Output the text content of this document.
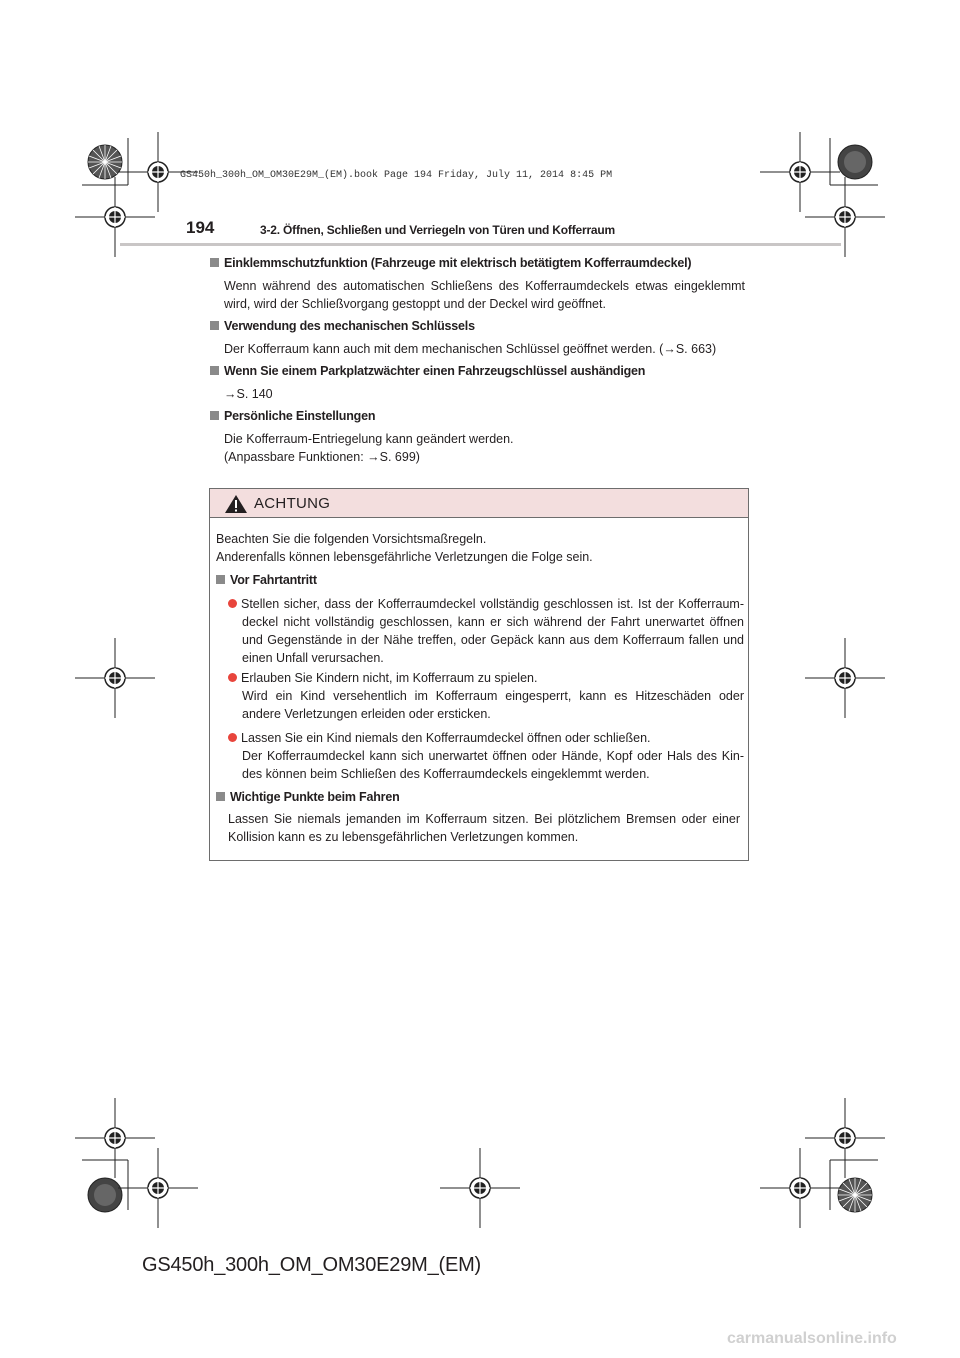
GS450h_300h_OM_OM30E29M_(EM).book Page 194 Friday, July 11, 2014 8:45 PM
194	3-2. Öffnen, Schließen und Verriegeln von Türen und Kofferraum
Einklemmschutzfunktion (Fahrzeuge mit elektrisch betätigtem Kofferraumdeckel)
Wenn während des automatischen Schließens des Kofferraumdeckels etwas eingeklemmt
wird, wird der Schließvorgang gestoppt und der Deckel wird geöffnet.
Verwendung des mechanischen Schlüssels
Der Kofferraum kann auch mit dem mechanischen Schlüssel geöffnet werden. (→S. 663)
Wenn Sie einem Parkplatzwächter einen Fahrzeugschlüssel aushändigen
→S. 140
Persönliche Einstellungen
Die Kofferraum-Entriegelung kann geändert werden.
(Anpassbare Funktionen: →S. 699)
ACHTUNG
Beachten Sie die folgenden Vorsichtsmaßregeln.
Anderenfalls können lebensgefährliche Verletzungen die Folge sein.
Vor Fahrtantritt
Stellen sicher, dass der Kofferraumdeckel vollständig geschlossen ist. Ist der Kofferraum-
deckel nicht vollständig geschlossen, kann er sich während der Fahrt unerwartet öffnen
und Gegenstände in der Nähe treffen, oder Gepäck kann aus dem Kofferraum fallen und
einen Unfall verursachen.
Erlauben Sie Kindern nicht, im Kofferraum zu spielen.
Wird ein Kind versehentlich im Kofferraum eingesperrt, kann es Hitzeschäden oder
andere Verletzungen erleiden oder ersticken.
Lassen Sie ein Kind niemals den Kofferraumdeckel öffnen oder schließen.
Der Kofferraumdeckel kann sich unerwartet öffnen oder Hände, Kopf oder Hals des Kin-
des können beim Schließen des Kofferraumdeckels eingeklemmt werden.
Wichtige Punkte beim Fahren
Lassen Sie niemals jemanden im Kofferraum sitzen. Bei plötzlichem Bremsen oder einer
Kollision kann es zu lebensgefährlichen Verletzungen kommen.
GS450h_300h_OM_OM30E29M_(EM)
carmanualsonline.info
